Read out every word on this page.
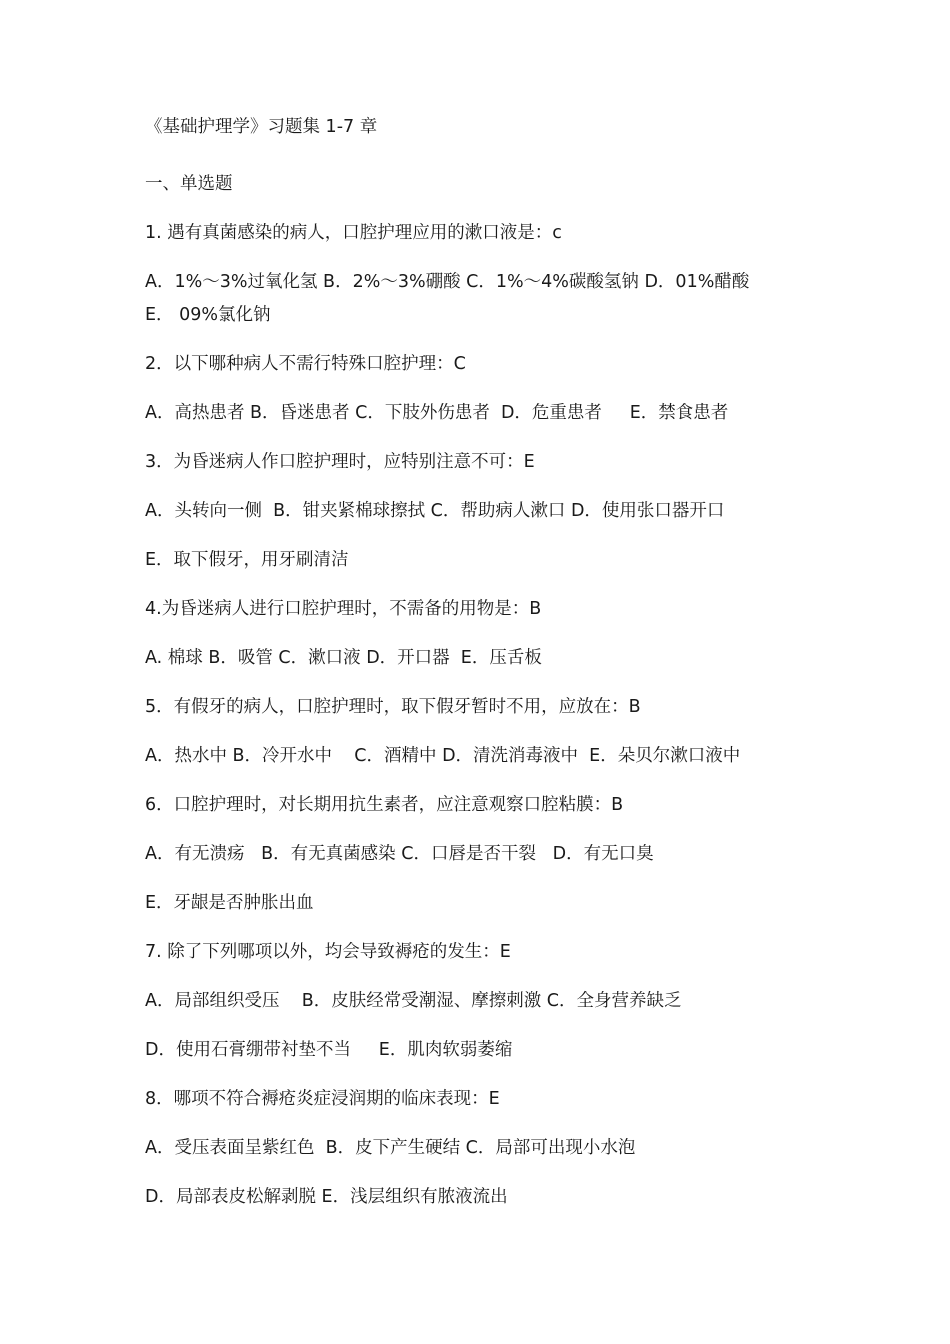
《基础护理学》习题集 1-7 章
一、单选题
1. 遇有真菌感染的病人，口腔护理应用的漱口液是：c
A．1%～3%过氧化氢 B．2%～3%硼酸 C．1%～4%碳酸氢钠 D．01%醋酸
E． 09%氯化钠
2．以下哪种病人不需行特殊口腔护理：C
A．高热患者 B．昏迷患者 C．下肢外伤患者  D．危重患者     E．禁食患者
3．为昏迷病人作口腔护理时，应特别注意不可：E
A．头转向一侧  B．钳夹紧棉球擦拭 C．帮助病人漱口 D．使用张口器开口
E．取下假牙，用牙刷清洁
4.为昏迷病人进行口腔护理时，不需备的用物是：B
A. 棉球 B．吸管 C．漱口液 D．开口器  E．压舌板
5．有假牙的病人，口腔护理时，取下假牙暂时不用，应放在：B
A．热水中 B．冷开水中    C．酒精中 D．清洗消毒液中  E．朵贝尔漱口液中
6．口腔护理时，对长期用抗生素者，应注意观察口腔粘膜：B
A．有无溃疡   B．有无真菌感染 C．口唇是否干裂   D．有无口臭
E．牙龈是否肿胀出血
7. 除了下列哪项以外，均会导致褥疮的发生：E
A．局部组织受压    B．皮肤经常受潮湿、摩擦刺激 C．全身营养缺乏
D．使用石膏绷带衬垫不当     E．肌肉软弱萎缩
8．哪项不符合褥疮炎症浸润期的临床表现：E
A．受压表面呈紫红色  B．皮下产生硬结 C．局部可出现小水泡
D．局部表皮松解剥脱 E．浅层组织有脓液流出
